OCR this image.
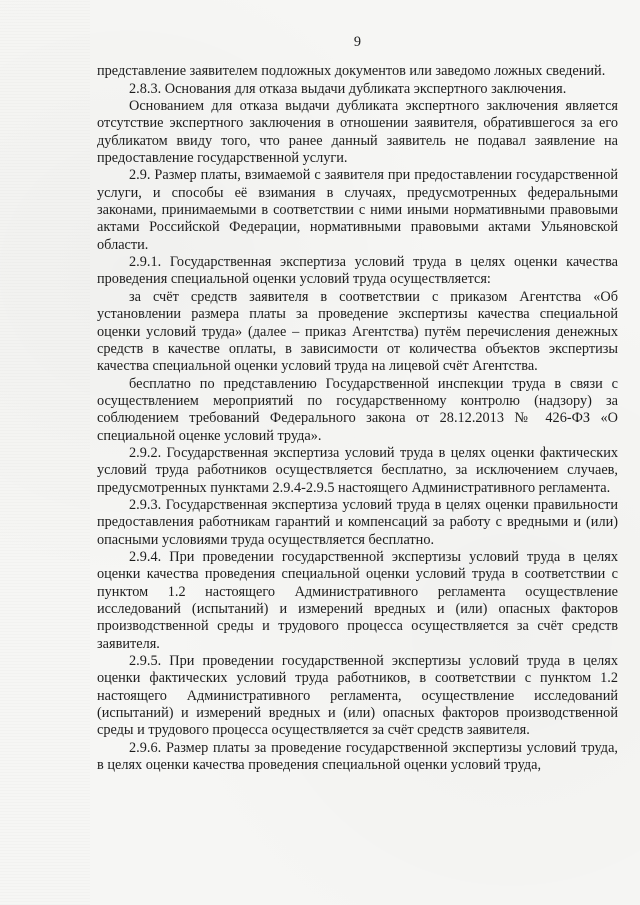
9

представление заявителем подложных документов или заведомо ложных сведений.

2.8.3. Основания для отказа выдачи дубликата экспертного заключения.

Основанием для отказа выдачи дубликата экспертного заключения является отсутствие экспертного заключения в отношении заявителя, обратившегося за его дубликатом ввиду того, что ранее данный заявитель не подавал заявление на предоставление государственной услуги.

2.9. Размер платы, взимаемой с заявителя при предоставлении государственной услуги, и способы её взимания в случаях, предусмотренных федеральными законами, принимаемыми в соответствии с ними иными нормативными правовыми актами Российской Федерации, нормативными правовыми актами Ульяновской области.

2.9.1. Государственная экспертиза условий труда в целях оценки качества проведения специальной оценки условий труда осуществляется:

за счёт средств заявителя в соответствии с приказом Агентства «Об установлении размера платы за проведение экспертизы качества специальной оценки условий труда» (далее – приказ Агентства) путём перечисления денежных средств в качестве оплаты, в зависимости от количества объектов экспертизы качества специальной оценки условий труда на лицевой счёт Агентства.

бесплатно по представлению Государственной инспекции труда в связи с осуществлением мероприятий по государственному контролю (надзору) за соблюдением требований Федерального закона от 28.12.2013 № 426-ФЗ «О специальной оценке условий труда».

2.9.2. Государственная экспертиза условий труда в целях оценки фактических условий труда работников осуществляется бесплатно, за исключением случаев, предусмотренных пунктами 2.9.4-2.9.5 настоящего Административного регламента.

2.9.3. Государственная экспертиза условий труда в целях оценки правильности предоставления работникам гарантий и компенсаций за работу с вредными и (или) опасными условиями труда осуществляется бесплатно.

2.9.4. При проведении государственной экспертизы условий труда в целях оценки качества проведения специальной оценки условий труда в соответствии с пунктом 1.2 настоящего Административного регламента осуществление исследований (испытаний) и измерений вредных и (или) опасных факторов производственной среды и трудового процесса осуществляется за счёт средств заявителя.

2.9.5. При проведении государственной экспертизы условий труда в целях оценки фактических условий труда работников, в соответствии с пунктом 1.2 настоящего Административного регламента, осуществление исследований (испытаний) и измерений вредных и (или) опасных факторов производственной среды и трудового процесса осуществляется за счёт средств заявителя.

2.9.6. Размер платы за проведение государственной экспертизы условий труда, в целях оценки качества проведения специальной оценки условий труда,
